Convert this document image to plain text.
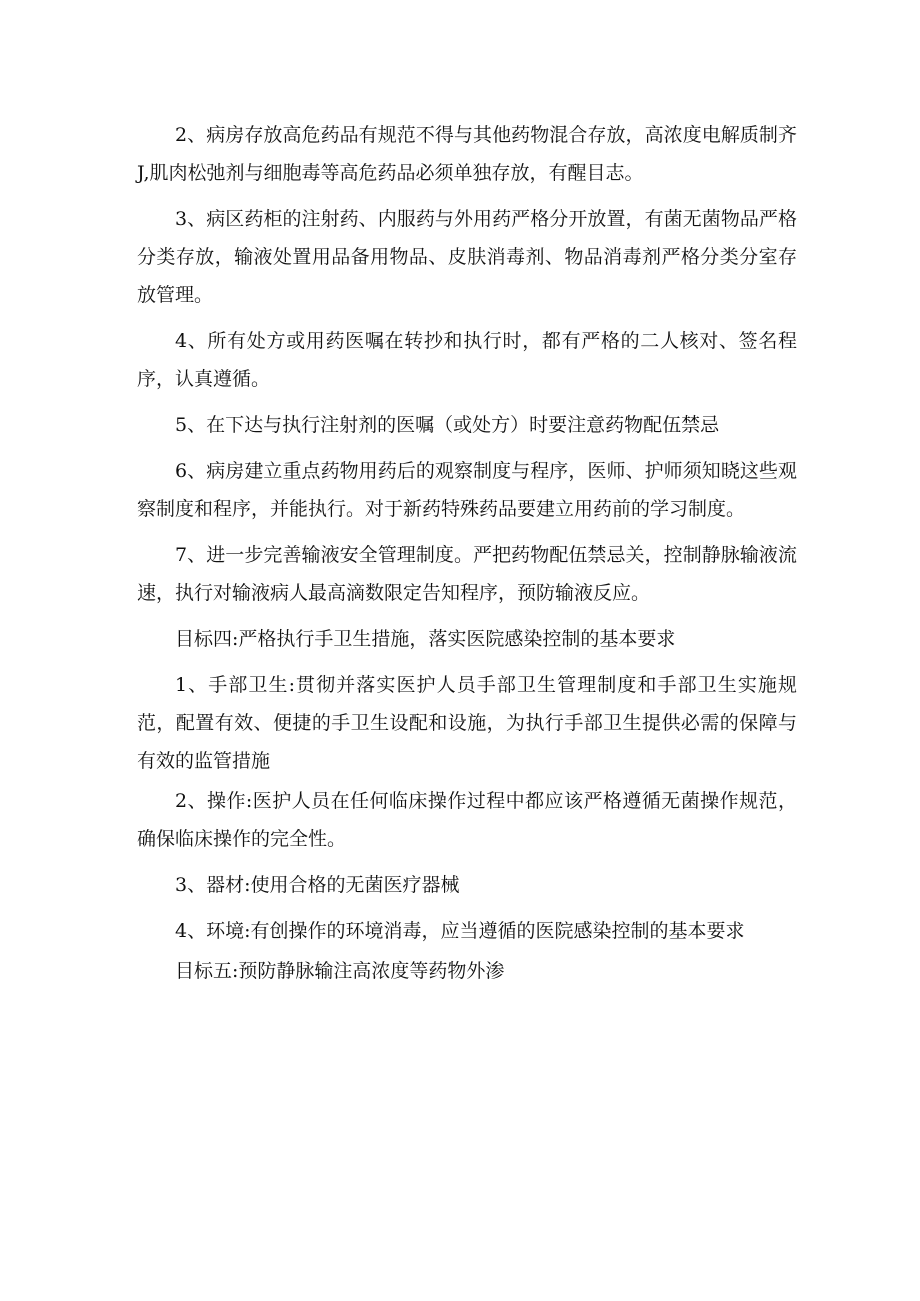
2、病房存放高危药品有规范不得与其他药物混合存放，高浓度电解质制齐J,肌肉松弛剂与细胞毒等高危药品必须单独存放，有醒目志。

3、病区药柜的注射药、内服药与外用药严格分开放置，有菌无菌物品严格分类存放，输液处置用品备用物品、皮肤消毒剂、物品消毒剂严格分类分室存放管理。

4、所有处方或用药医嘱在转抄和执行时，都有严格的二人核对、签名程序，认真遵循。

5、在下达与执行注射剂的医嘱（或处方）时要注意药物配伍禁忌

6、病房建立重点药物用药后的观察制度与程序，医师、护师须知晓这些观察制度和程序，并能执行。对于新药特殊药品要建立用药前的学习制度。

7、进一步完善输液安全管理制度。严把药物配伍禁忌关，控制静脉输液流速，执行对输液病人最高滴数限定告知程序，预防输液反应。

目标四:严格执行手卫生措施，落实医院感染控制的基本要求

1、手部卫生:贯彻并落实医护人员手部卫生管理制度和手部卫生实施规范，配置有效、便捷的手卫生设配和设施，为执行手部卫生提供必需的保障与有效的监管措施

2、操作:医护人员在任何临床操作过程中都应该严格遵循无菌操作规范，确保临床操作的完全性。

3、器材:使用合格的无菌医疗器械

4、环境:有创操作的环境消毒，应当遵循的医院感染控制的基本要求

目标五:预防静脉输注高浓度等药物外渗
